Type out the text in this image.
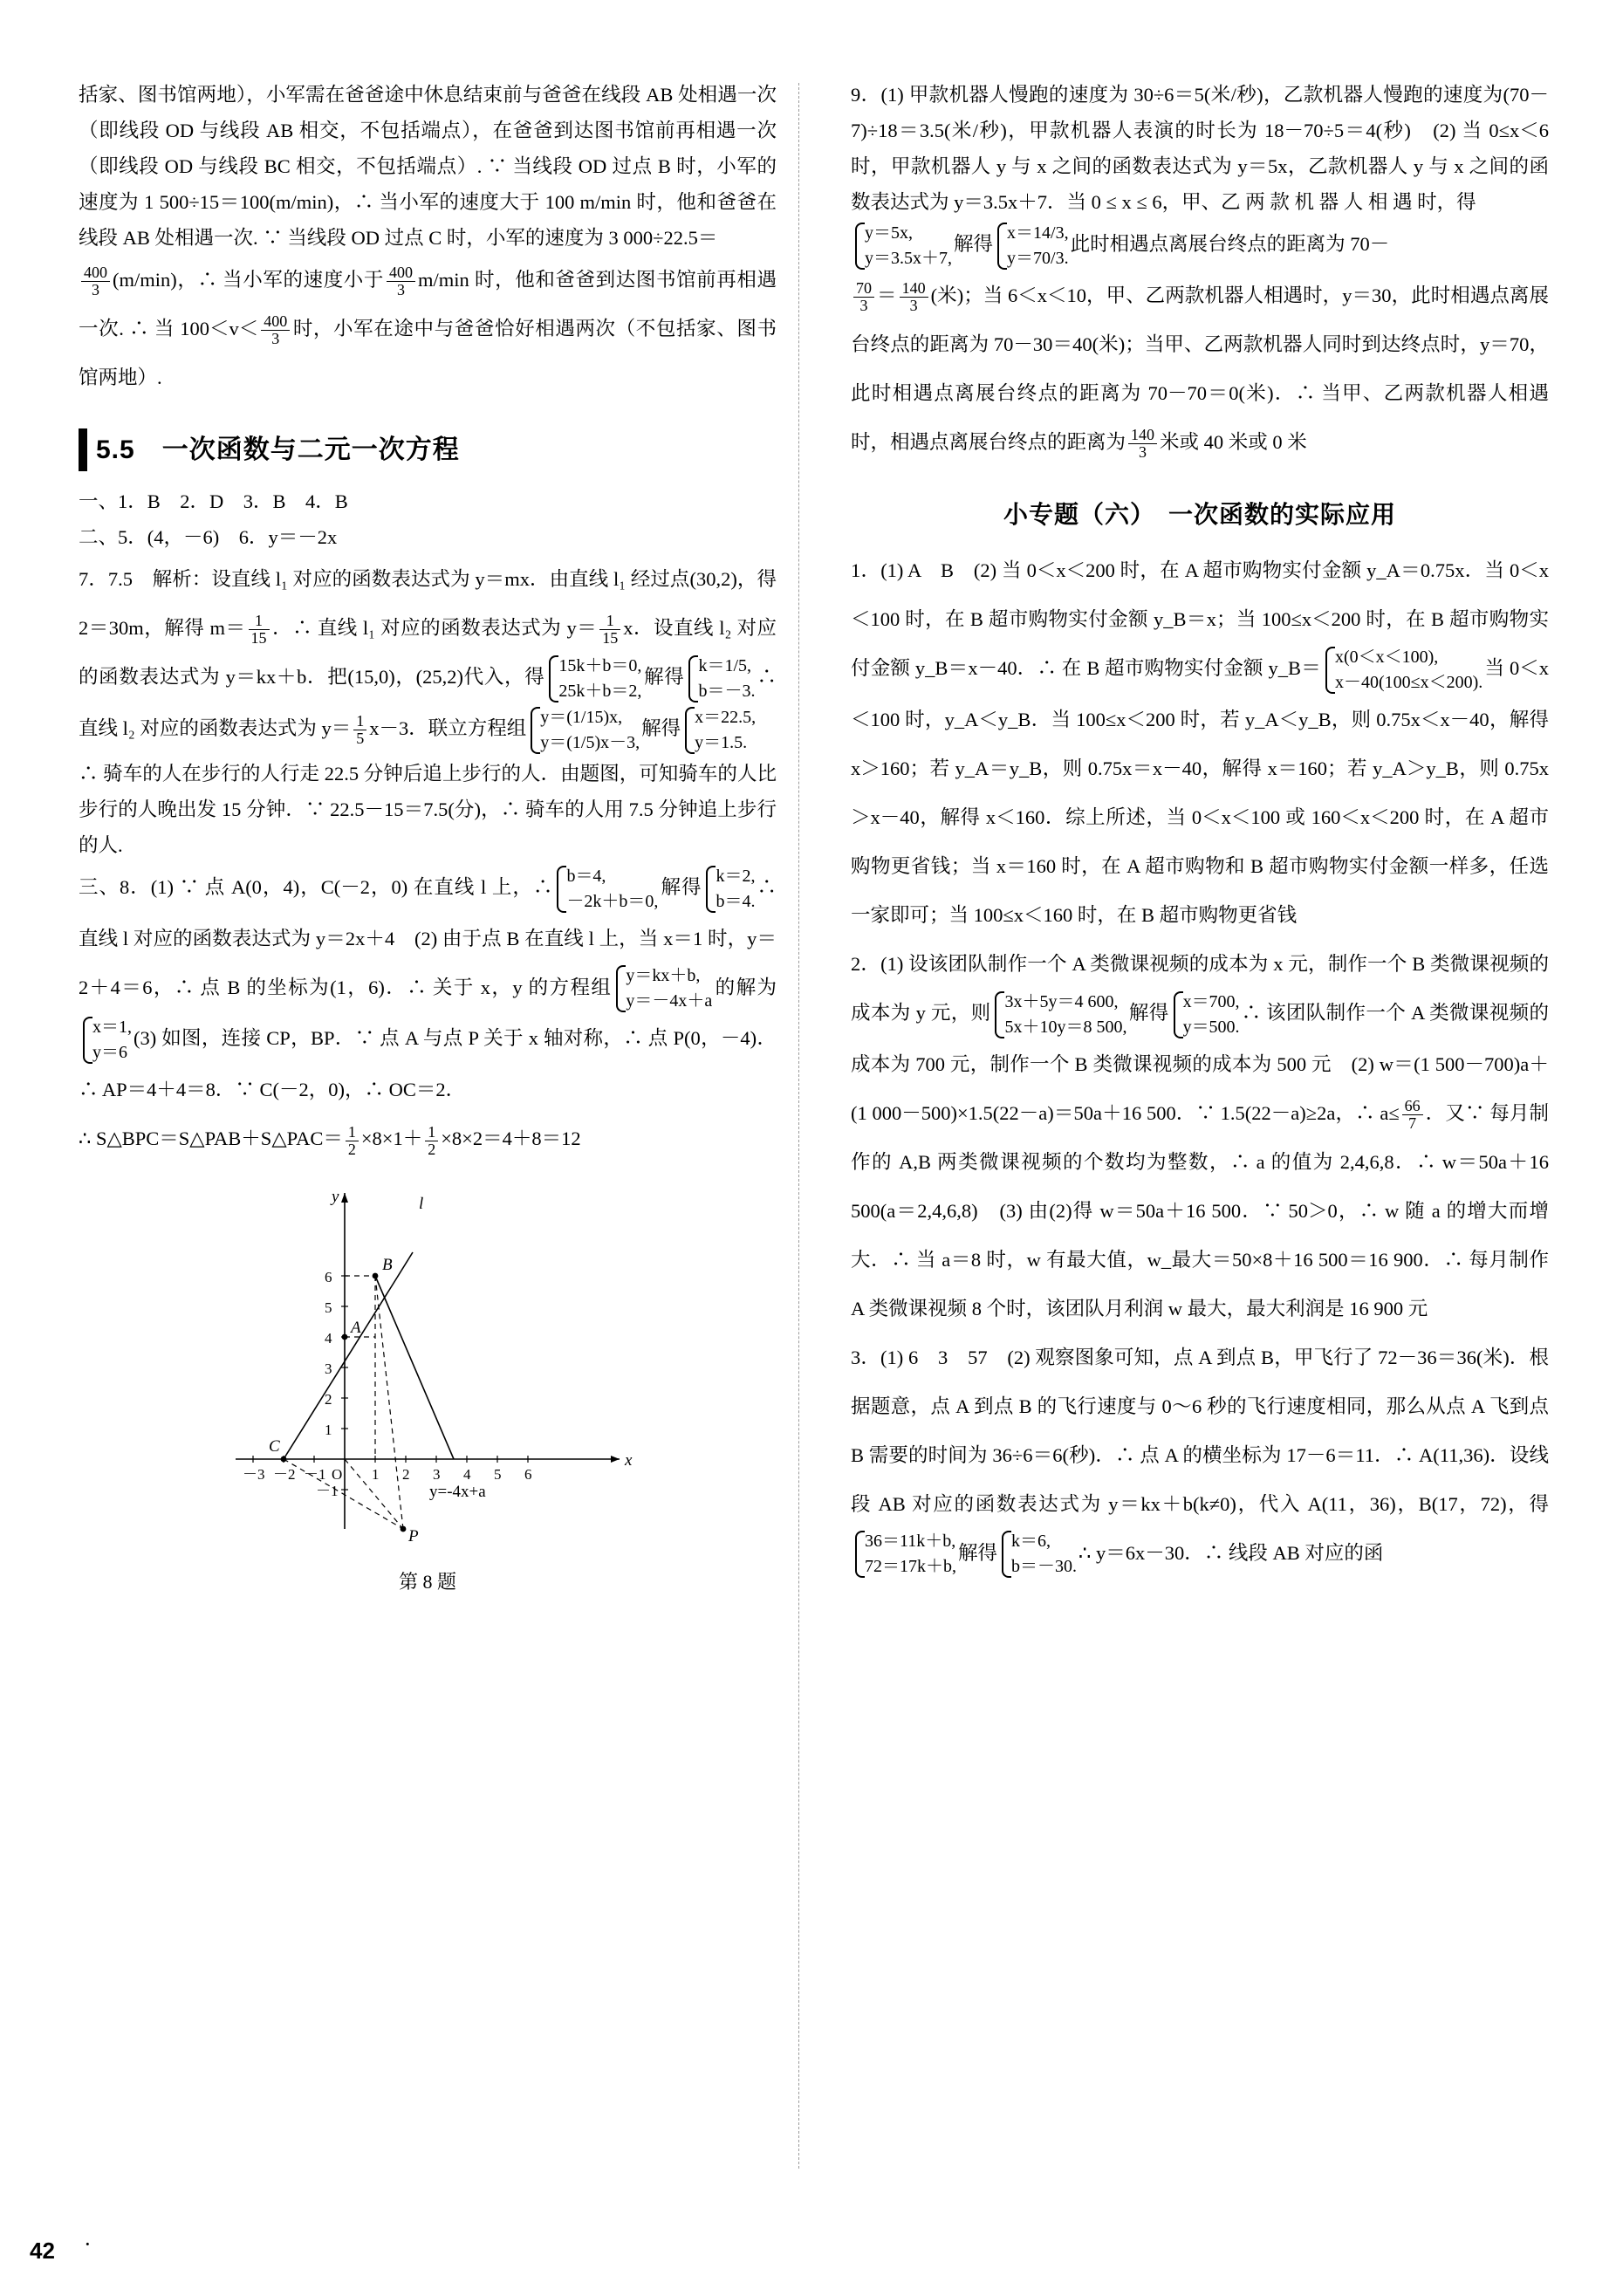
括家、图书馆两地），小军需在爸爸途中休息结束前与爸爸在线段 AB 处相遇一次（即线段 OD 与线段 AB 相交，不包括端点），在爸爸到达图书馆前再相遇一次（即线段 OD 与线段 BC 相交，不包括端点）. ∵ 当线段 OD 过点 B 时，小军的速度为 1 500÷15＝100(m/min)，∴ 当小军的速度大于 100 m/min 时，他和爸爸在线段 AB 处相遇一次. ∵ 当线段 OD 过点 C 时，小军的速度为 3 000÷22.5＝

$\frac{400}{3} (m/\min)$，∴ 当小军的速度小于 $\frac{400}{3} m/\min$ 时，他和爸爸到达图书馆前再相遇一次. ∴ 当 $100<v< \frac{400}{3}$ 时，小军在途中与爸爸恰好相遇两次（不包括家、图书馆两地）.

5.5　一次函数与二元一次方程

一、1．B　2．D　3．B　4．B

二、5．(4，－6)　6．y＝－2x

7．7.5　解析：设直线 l₁ 对应的函数表达式为 y＝mx．由直线 l₁ 经过点(30,2)，得 2＝30m，解得 $m= \frac{1}{15}$ ．∴ 直线 l₁ 对应的函数表达式为 $y= \frac{1}{15}$ x．设直线 l₂ 对应的函数表达式为 y＝kx＋b．把(15,0)，(25,2)代入，得
15k＋b＝0,
25k＋b＝2,
解得
k＝1/5,
b＝－3.
∴ 直线 l₂ 对应的函数表达式为 $y= \frac{1}{5} x-3$．联立方程组
y＝(1/15)x,
y＝(1/5)x－3,
解得
x＝22.5,
y＝1.5.

∴ 骑车的人在步行的人行走 22.5 分钟后追上步行的人．由题图，可知骑车的人比步行的人晚出发 15 分钟．∵ 22.5－15＝7.5(分)，∴ 骑车的人用 7.5 分钟追上步行的人.

三、8．(1) ∵ 点 A(0，4)，C(－2，0) 在直线 l 上，∴
b＝4,
－2k＋b＝0,
解得
k＝2,
b＝4.
∴ 直线 l 对应的函数表达式为 y＝2x＋4　(2) 由于点 B 在直线 l 上，当 x＝1 时，y＝2＋4＝6，∴ 点 B 的坐标为(1，6)．∴ 关于 x，y 的方程组
y＝kx＋b,
y＝－4x＋a
的解为
x＝1,
y＝6
(3) 如图，连接 CP，BP．∵ 点 A 与点 P 关于 x 轴对称，∴ 点 P(0，－4)．∴ AP＝4＋4＝8．∵ C(－2，0)，∴ OC＝2．

∴ S△BPC＝S△PAB＋S△PAC＝ $\frac{1}{2} \times 8\times 1+ \frac{1}{2} \times 8\times 2=4+8=12$

y	l
B
A
C
x
P
y=-4x+a
－3 －2 －1 O 1 2 3 4 5 6
6
5
4
3
2
1
－1
第 8 题

9．(1) 甲款机器人慢跑的速度为 30÷6＝5(米/秒)，乙款机器人慢跑的速度为(70－7)÷18＝3.5(米/秒)，甲款机器人表演的时长为 18－70÷5＝4(秒)　(2) 当 0≤x＜6 时，甲款机器人 y 与 x 之间的函数表达式为 y＝5x，乙款机器人 y 与 x 之间的函数表达式为 y＝3.5x＋7．当 0 ≤ x ≤ 6，甲、乙 两 款 机 器 人 相 遇 时，得

y＝5x,
y＝3.5x＋7,
解得
x＝14/3,
y＝70/3.
此时相遇点离展台终点的距离为 70－

$\frac{70}{3} = \frac{140}{3}$ (米)；当 6＜x＜10，甲、乙两款机器人相遇时，y＝30，此时相遇点离展台终点的距离为 70－30＝40(米)；当甲、乙两款机器人同时到达终点时，y＝70，此时相遇点离展台终点的距离为 70－70＝0(米)．∴ 当甲、乙两款机器人相遇时，相遇点离展台终点的距离为 $\frac{140}{3}$ 米或 40 米或 0 米

小专题（六）　一次函数的实际应用

1．(1) A　B　(2) 当 0＜x＜200 时，在 A 超市购物实付金额 y_A＝0.75x．当 0＜x＜100 时，在 B 超市购物实付金额 y_B＝x；当 100≤x＜200 时，在 B 超市购物实付金额 y_B＝x－40．∴ 在 B 超市购物实付金额 y_B＝
x(0＜x＜100),
x－40(100≤x＜200).
当 0＜x＜100 时，y_A＜y_B．当 100≤x＜200 时，若 y_A＜y_B，则 0.75x＜x－40，解得 x＞160；若 y_A＝y_B，则 0.75x＝x－40，解得 x＝160；若 y_A＞y_B，则 0.75x＞x－40，解得 x＜160．综上所述，当 0＜x＜100 或 160＜x＜200 时，在 A 超市购物更省钱；当 x＝160 时，在 A 超市购物和 B 超市购物实付金额一样多，任选一家即可；当 100≤x＜160 时，在 B 超市购物更省钱

2．(1) 设该团队制作一个 A 类微课视频的成本为 x 元，制作一个 B 类微课视频的成本为 y 元，则
3x＋5y＝4 600,
5x＋10y＝8 500,
解得
x＝700,
y＝500.
∴ 该团队制作一个 A 类微课视频的成本为 700 元，制作一个 B 类微课视频的成本为 500 元　(2) w＝(1 500－700)a＋(1 000－500)×1.5(22－a)＝50a＋16 500．∵ 1.5(22－a)≥2a，∴ $a\le \frac{66}{7}$ ．又∵ 每月制作的 A,B 两类微课视频的个数均为整数，∴ a 的值为 2,4,6,8．∴ w＝50a＋16 500(a＝2,4,6,8)　(3) 由(2)得 w＝50a＋16 500．∵ 50＞0，∴ w 随 a 的增大而增大．∴ 当 a＝8 时，w 有最大值，w_最大＝50×8＋16 500＝16 900．∴ 每月制作 A 类微课视频 8 个时，该团队月利润 w 最大，最大利润是 16 900 元

3．(1) 6　3　57　(2) 观察图象可知，点 A 到点 B，甲飞行了 72－36＝36(米)．根据题意，点 A 到点 B 的飞行速度与 0～6 秒的飞行速度相同，那么从点 A 飞到点 B 需要的时间为 36÷6＝6(秒)．∴ 点 A 的横坐标为 17－6＝11．∴ A(11,36)．设线段 AB 对应的函数表达式为 y＝kx＋b(k≠0)，代入 A(11，36)，B(17，72)，得
36＝11k＋b,
72＝17k＋b,
解得
k＝6,
b＝－30.
∴ y＝6x－30．∴ 线段 AB 对应的函

42 ·
